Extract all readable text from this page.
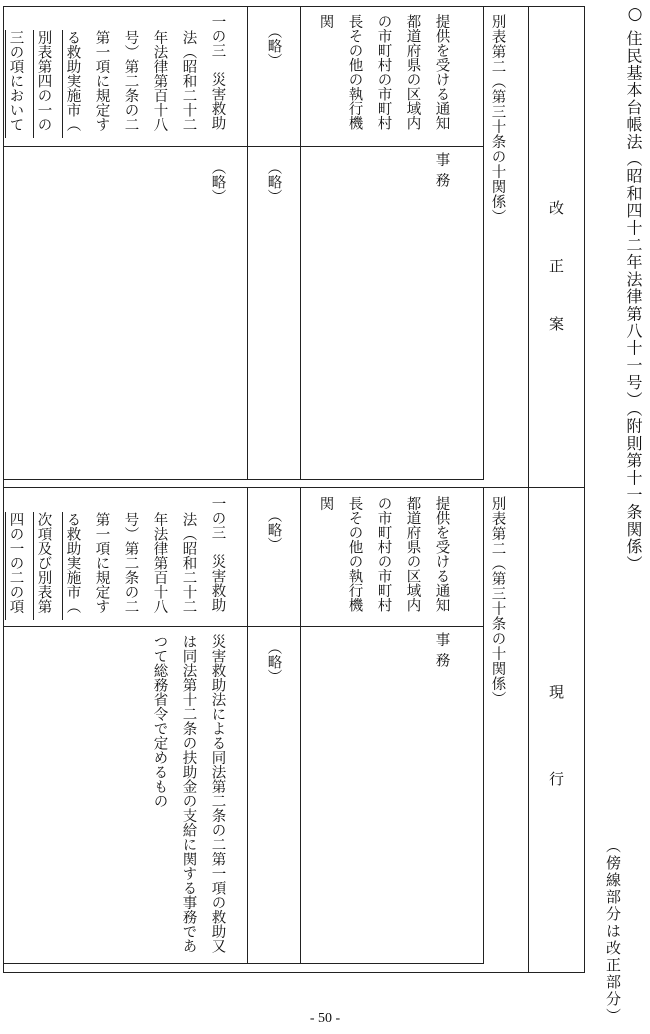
○
住民基本台帳法（昭和四十二年法律第八十一号）（附則第十一条関係）
（傍線部分は改正部分）
改　正　案
現　　行
別表第二（第三十条の十関係）
提供を受ける通知
都道府県の区域内
の市町村の市町村
長その他の執行機
関
事務
（略）
（略）
一の三　災害救助
法（昭和二十二
年法律第百十八
号）第二条の二
第一項に規定す
る救助実施市（
別表第四の一の
三の項において
（略）
別表第二（第三十条の十関係）
提供を受ける通知
都道府県の区域内
の市町村の市町村
長その他の執行機
関
事務
（略）
（略）
一の三　災害救助
法（昭和二十二
年法律第百十八
号）第二条の二
第一項に規定す
る救助実施市（
次項及び別表第
四の一の二の項
災害救助法による同法第二条の二第一項の救助又
は同法第十二条の扶助金の支給に関する事務であ
つて総務省令で定めるもの
- 50 -
